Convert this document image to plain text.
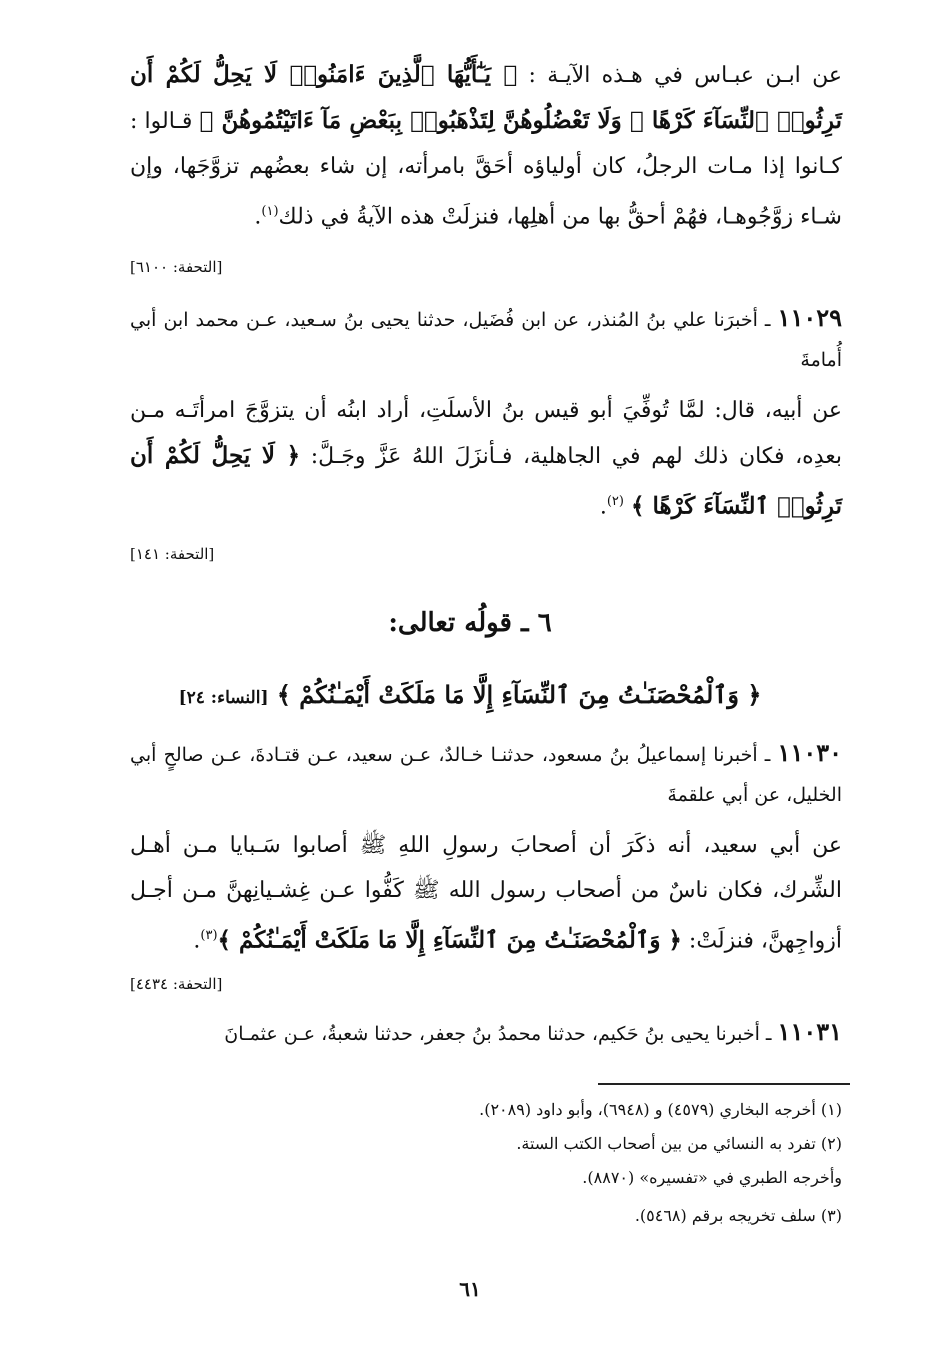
عن ابـن عبـاس في هـذه الآيـة : ﴿ يَـٰٓأَيُّهَا ٱلَّذِينَ ءَامَنُوا۟ لَا يَحِلُّ لَكُمْ أَن تَرِثُوا۟ ٱلنِّسَآءَ كَرْهًا ۖ وَلَا تَعْضُلُوهُنَّ لِتَذْهَبُوا۟ بِبَعْضِ مَآ ءَاتَيْتُمُوهُنَّ ﴾ قـالوا : كـانوا إذا مـات الرجلُ، كان أولياؤه أحَقَّ بامرأته، إن شاء بعضُهم تزوَّجَها، وإن شـاء زوَّجُوهـا، فهُمْ أحقُّ بها من أهلِها، فنزلَتْ هذه الآيةُ في ذلك$^{(١)}$.

[التحفة: ٦١٠٠]

١١٠٢٩ ـ أخبرَنا علي بنُ المُنذر، عن ابن فُضَيل، حدثنا يحيى بنُ سـعيد، عـن محمد ابن أبي أُمامةَ

عن أبيه، قال: لمَّا تُوفِّيَ أبو قيس بنُ الأسلَتِ، أراد ابنُه أن يتزوَّجَ امرأتَـه مـن بعدِه، فكان ذلك لهم في الجاهلية، فـأنزَلَ اللهُ عَزَّ وجَـلَّ: ﴿ لَا يَحِلُّ لَكُمْ أَن تَرِثُوا۟ ٱلنِّسَآءَ كَرْهًا ﴾ $^{(٢)}$.

[التحفة: ١٤١]
٦ ـ قولُه تعالى:
﴿ وَٱلْمُحْصَنَـٰتُ مِنَ ٱلنِّسَآءِ إِلَّا مَا مَلَكَتْ أَيْمَـٰنُكُمْ ﴾ [النساء: ٢٤]

١١٠٣٠ ـ أخبرنا إسماعيلُ بنُ مسعود، حدثنـا خـالدٌ، عـن سعيد، عـن قتـادةَ، عـن صالحٍ أبي الخليل، عن أبي علقمةَ

عن أبي سعيد، أنه ذكَرَ أن أصحابَ رسولِ اللهِ ﷺ أصابوا سَـبايا مـن أهـل الشِّرك، فكان ناسٌ من أصحاب رسول الله ﷺ كَفُّوا عـن غِشـيانِهنَّ مـن أجـل أزواجِهنَّ، فنزلَتْ: ﴿ وَٱلْمُحْصَنَـٰتُ مِنَ ٱلنِّسَآءِ إِلَّا مَا مَلَكَتْ أَيْمَـٰنُكُمْ ﴾$^{(٣)}$.

[التحفة: ٤٤٣٤]

١١٠٣١ ـ أخبرنا يحيى بنُ حَكيم، حدثنا محمدُ بنُ جعفر، حدثنا شعبةُ، عـن عثمـانَ

(١) أخرجه البخاري (٤٥٧٩) و (٦٩٤٨)، وأبو داود (٢٠٨٩).
(٢) تفرد به النسائي من بين أصحاب الكتب الستة.
وأخرجه الطبري في «تفسيره» (٨٨٧٠).
(٣) سلف تخريجه برقم (٥٤٦٨).
٦١
